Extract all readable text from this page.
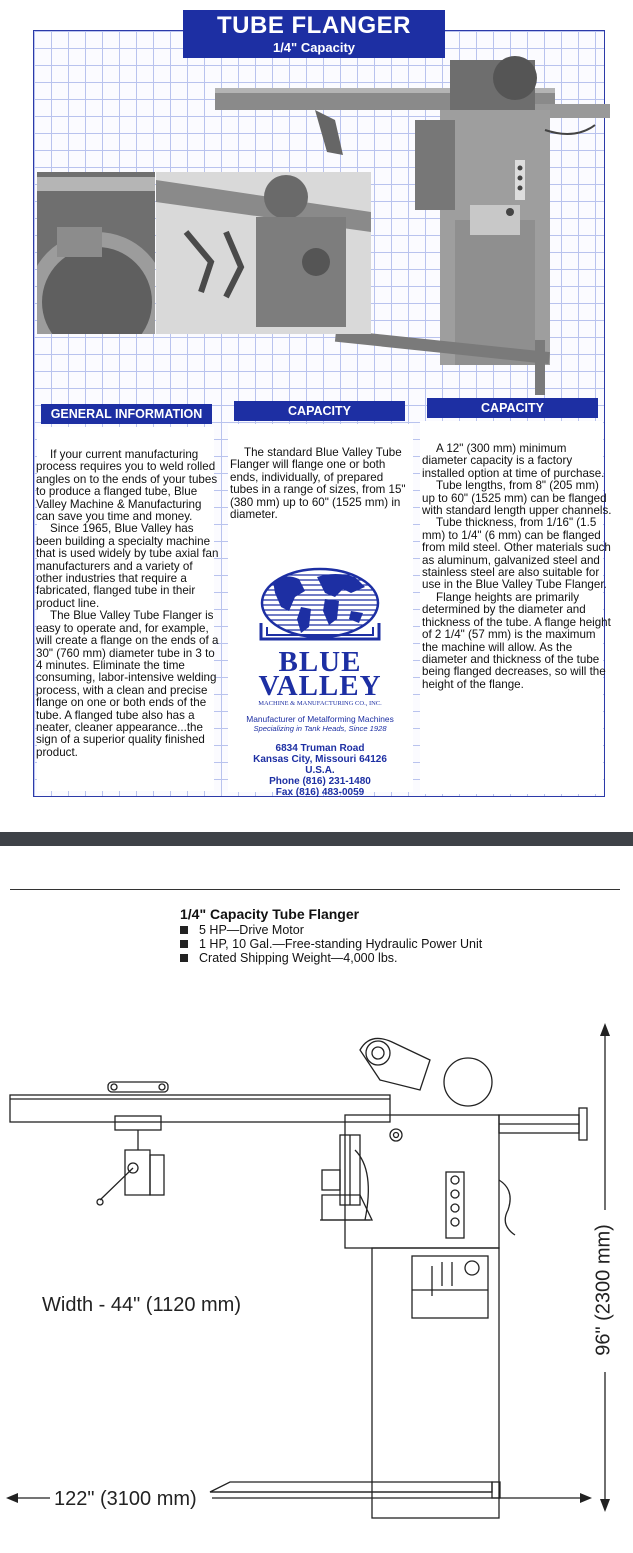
TUBE FLANGER
1/4" Capacity
GENERAL INFORMATION

If your current manufacturing process requires you to weld rolled angles on to the ends of your tubes to produce a flanged tube, Blue Valley Machine & Manufacturing can save you time and money.

Since 1965, Blue Valley has been building a specialty machine that is used widely by tube axial fan manufacturers and a variety of other industries that require a fabricated, flanged tube in their product line.

The Blue Valley Tube Flanger is easy to operate and, for example, will create a flange on the ends of a 30" (760 mm) diameter tube in 3 to 4 minutes. Eliminate the time consuming, labor-intensive welding process, with a clean and precise flange on one or both ends of the tube. A flanged tube also has a neater, cleaner appearance...the sign of a superior quality finished product.

CAPACITY

The standard Blue Valley Tube Flanger will flange one or both ends, individually, of prepared tubes in a range of sizes, from 15" (380 mm) up to 60" (1525 mm) in diameter.

BLUE
VALLEY
MACHINE & MANUFACTURING CO., INC.
Manufacturer of Metalforming Machines
Specializing in Tank Heads, Since 1928
6834 Truman Road
Kansas City, Missouri 64126
U.S.A.
Phone (816) 231-1480
Fax (816) 483-0059
CAPACITY

A 12" (300 mm) minimum diameter capacity is a factory installed option at time of purchase.

Tube lengths, from 8" (205 mm) up to 60" (1525 mm) can be flanged with standard length upper channels.

Tube thickness, from 1/16" (1.5 mm) to 1/4" (6 mm) can be flanged from mild steel. Other materials such as aluminum, galvanized steel and stainless steel are also suitable for use in the Blue Valley Tube Flanger.

Flange heights are primarily determined by the diameter and thickness of the tube. A flange height of 2 1/4" (57 mm) is the maximum the machine will allow. As the diameter and thickness of the tube being flanged decreases, so will the height of the flange.

1/4" Capacity Tube Flanger
5 HP—Drive Motor
1 HP, 10 Gal.—Free-standing Hydraulic Power Unit
Crated Shipping Weight—4,000 lbs.
Width - 44" (1120 mm)	96" (2300 mm)
122" (3100 mm)
